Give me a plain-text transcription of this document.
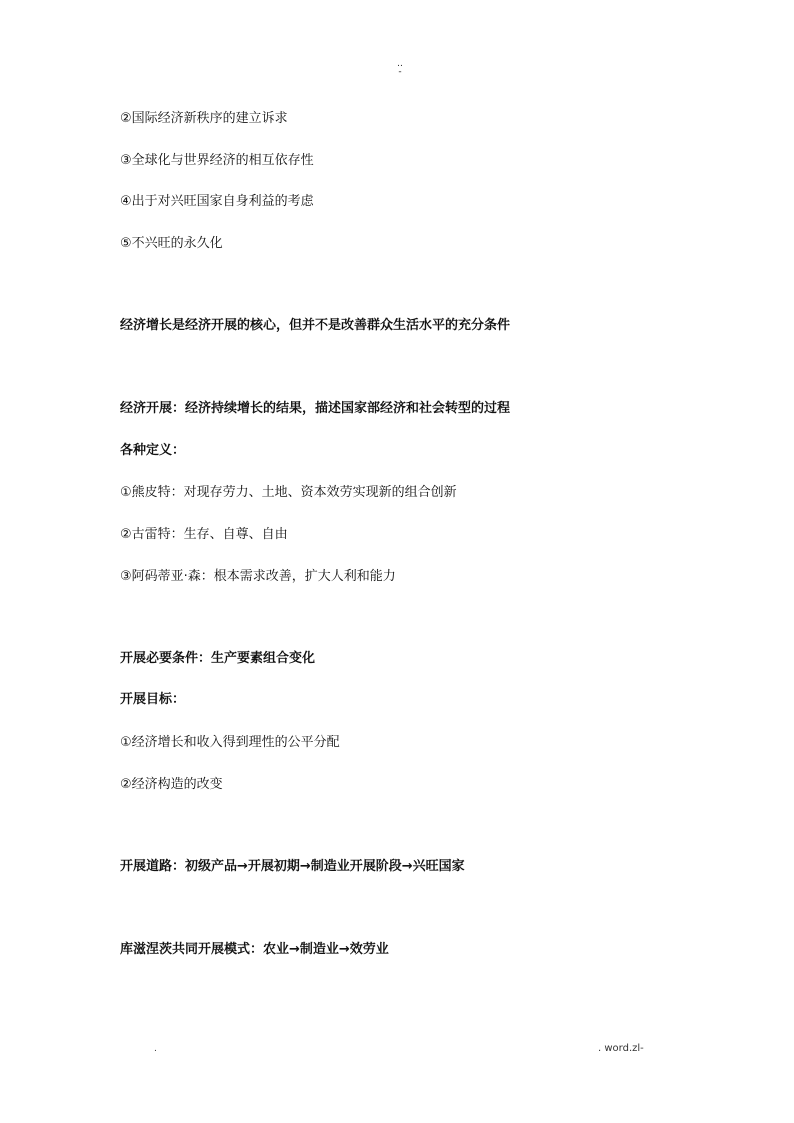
..
-
②国际经济新秩序的建立诉求
③全球化与世界经济的相互依存性
④出于对兴旺国家自身利益的考虑
⑤不兴旺的永久化
经济增长是经济开展的核心，但并不是改善群众生活水平的充分条件
经济开展：经济持续增长的结果，描述国家部经济和社会转型的过程
各种定义：
①熊皮特：对现存劳力、土地、资本效劳实现新的组合创新
②古雷特：生存、自尊、自由
③阿码蒂亚·森：根本需求改善，扩大人利和能力
开展必要条件：生产要素组合变化
开展目标：
①经济增长和收入得到理性的公平分配
②经济构造的改变
开展道路：初级产品→开展初期→制造业开展阶段→兴旺国家
库滋涅茨共同开展模式：农业→制造业→效劳业
.	. word.zl-
